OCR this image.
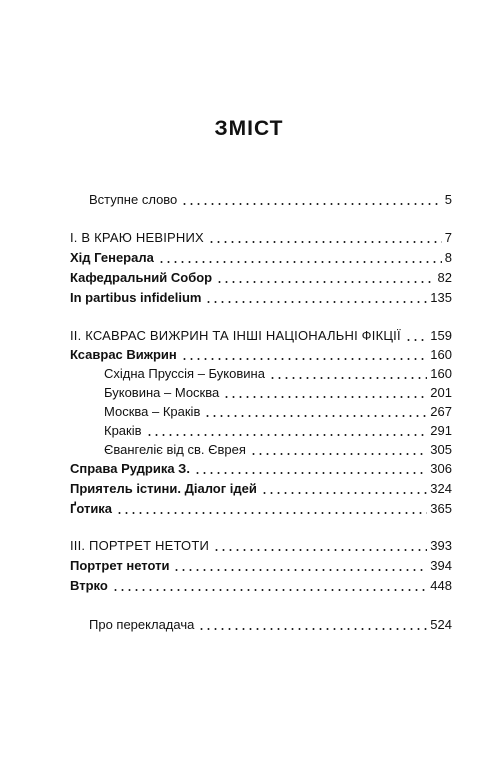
ЗМІСТ
Вступне слово	5
І. В КРАЮ НЕВІРНИХ	7
Хід Генерала	8
Кафедральний Собор	82
In partibus infidelium	135
ІІ. КСАВРАС ВИЖРИН ТА ІНШІ НАЦІОНАЛЬНІ ФІКЦІЇ 159
Ксаврас Вижрин	160
Східна Пруссія – Буковина	160
Буковина – Москва	201
Москва – Краків	267
Краків	291
Євангеліє від св. Єврея	305
Справа Рудрика З.	306
Приятель істини. Діалог ідей	324
Ґотика	365
ІІІ. ПОРТРЕТ НЕТОТИ	393
Портрет нетоти	394
Втрко	448
Про перекладача	524
